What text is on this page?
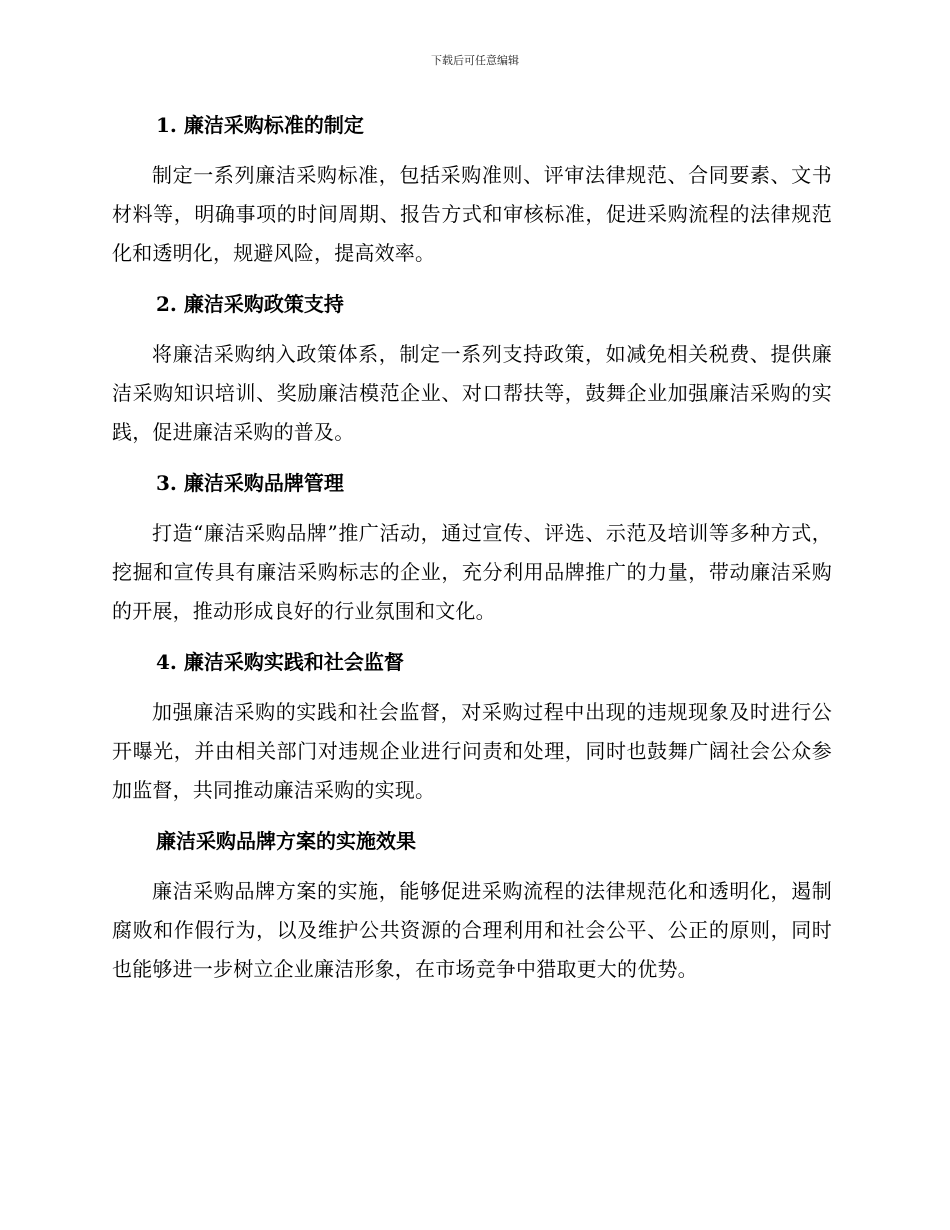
下载后可任意编辑
1. 廉洁采购标准的制定

制定一系列廉洁采购标准，包括采购准则、评审法律规范、合同要素、文书材料等，明确事项的时间周期、报告方式和审核标准，促进采购流程的法律规范化和透明化，规避风险，提高效率。

2. 廉洁采购政策支持

将廉洁采购纳入政策体系，制定一系列支持政策，如减免相关税费、提供廉洁采购知识培训、奖励廉洁模范企业、对口帮扶等，鼓舞企业加强廉洁采购的实践，促进廉洁采购的普及。

3. 廉洁采购品牌管理

打造“廉洁采购品牌”推广活动，通过宣传、评选、示范及培训等多种方式，挖掘和宣传具有廉洁采购标志的企业，充分利用品牌推广的力量，带动廉洁采购的开展，推动形成良好的行业氛围和文化。

4. 廉洁采购实践和社会监督

加强廉洁采购的实践和社会监督，对采购过程中出现的违规现象及时进行公开曝光，并由相关部门对违规企业进行问责和处理，同时也鼓舞广阔社会公众参加监督，共同推动廉洁采购的实现。

廉洁采购品牌方案的实施效果

廉洁采购品牌方案的实施，能够促进采购流程的法律规范化和透明化，遏制腐败和作假行为，以及维护公共资源的合理利用和社会公平、公正的原则，同时也能够进一步树立企业廉洁形象，在市场竞争中猎取更大的优势。
